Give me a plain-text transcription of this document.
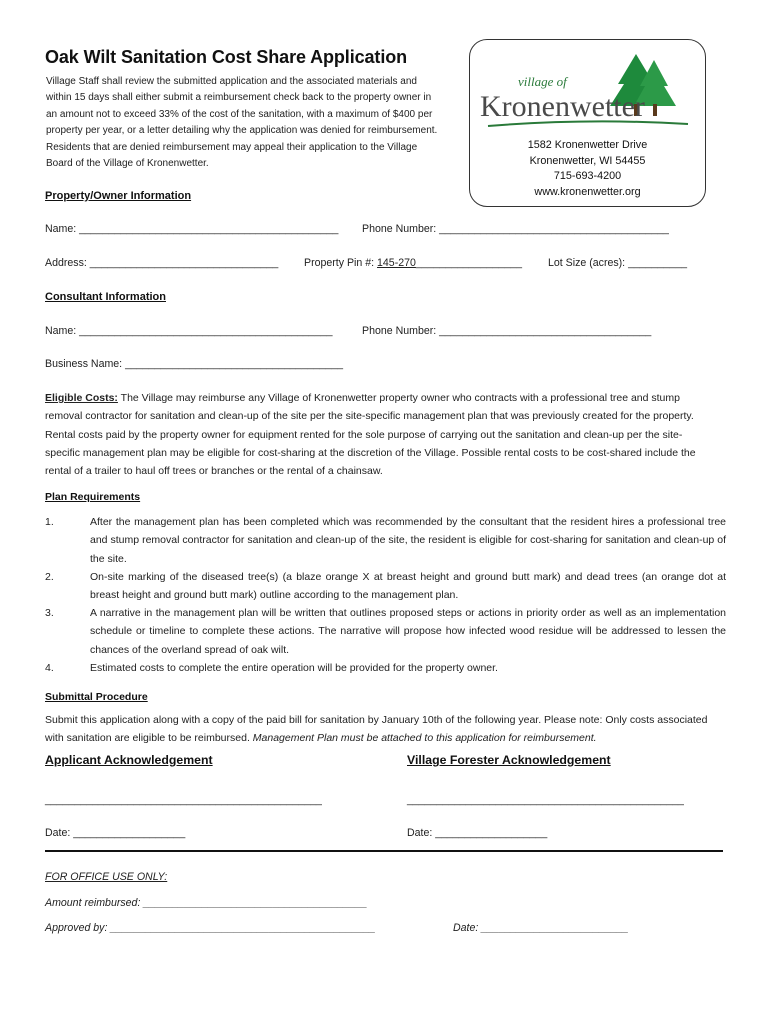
Oak Wilt Sanitation Cost Share Application
Village Staff shall review the submitted application and the associated materials and within 15 days shall either submit a reimbursement check back to the property owner in an amount not to exceed 33% of the cost of the sanitation, with a maximum of $400 per property per year, or a letter detailing why the application was denied for reimbursement. Residents that are denied reimbursement may appeal their application to the Village Board of the Village of Kronenwetter.
village of
Kronenwetter
1582 Kronenwetter Drive
Kronenwetter, WI 54455
715-693-4200
www.kronenwetter.org
Property/Owner Information
Name: ____________________________________________ Phone Number: _______________________________________
Address: ________________________________ Property Pin #: 145-270__________________ Lot Size (acres): __________
Consultant Information
Name: ___________________________________________	Phone Number: ____________________________________
Business Name: _____________________________________
Eligible Costs: The Village may reimburse any Village of Kronenwetter property owner who contracts with a professional tree and stump removal contractor for sanitation and clean-up of the site per the site-specific management plan that was previously created for the property. Rental costs paid by the property owner for equipment rented for the sole purpose of carrying out the sanitation and clean-up per the site-specific management plan may be eligible for cost-sharing at the discretion of the Village. Possible rental costs to be cost-shared include the rental of a trailer to haul off trees or branches or the rental of a chainsaw.
Plan Requirements
1.	After the management plan has been completed which was recommended by the consultant that the resident hires a professional tree and stump removal contractor for sanitation and clean-up of the site, the resident is eligible for cost-sharing for sanitation and clean-up of the site.
2.	On-site marking of the diseased tree(s) (a blaze orange X at breast height and ground butt mark) and dead trees (an orange dot at breast height and ground butt mark) outline according to the management plan.
3.	A narrative in the management plan will be written that outlines proposed steps or actions in priority order as well as an implementation schedule or timeline to complete these actions. The narrative will propose how infected wood residue will be addressed to lessen the chances of the overland spread of oak wilt.
4.	Estimated costs to complete the entire operation will be provided for the property owner.
Submittal Procedure
Submit this application along with a copy of the paid bill for sanitation by January 10th of the following year. Please note: Only costs associated with sanitation are eligible to be reimbursed. Management Plan must be attached to this application for reimbursement.
Applicant Acknowledgement	Village Forester Acknowledgement
_______________________________________________	_______________________________________________
Date: ___________________	Date: ___________________
FOR OFFICE USE ONLY:
Amount reimbursed: ______________________________________
Approved by: _____________________________________________	Date: _________________________
